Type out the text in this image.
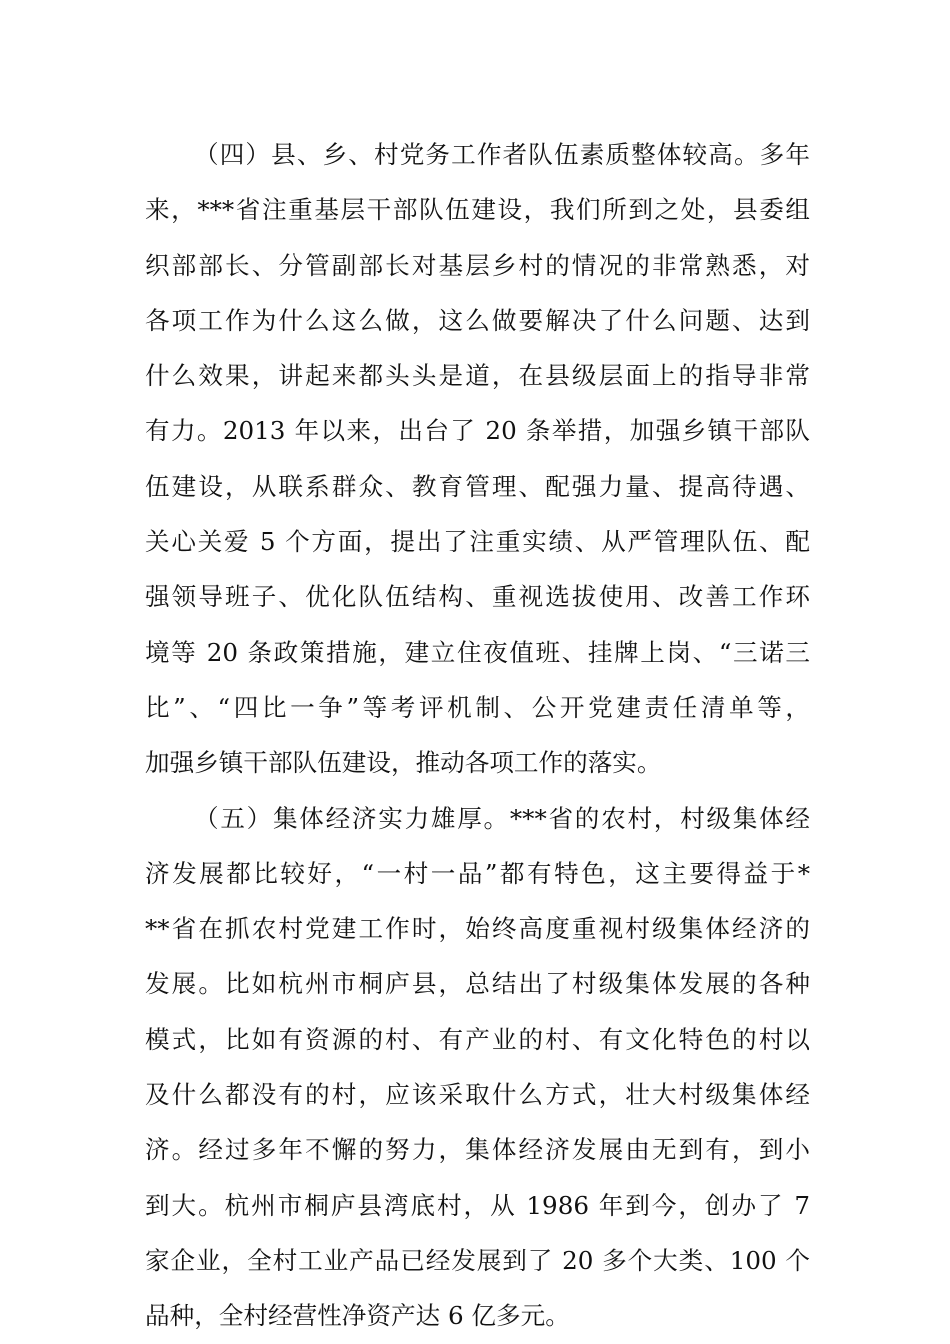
（四）县、乡、村党务工作者队伍素质整体较高。多年
来，***省注重基层干部队伍建设，我们所到之处，县委组
织部部长、分管副部长对基层乡村的情况的非常熟悉，对
各项工作为什么这么做，这么做要解决了什么问题、达到
什么效果，讲起来都头头是道，在县级层面上的指导非常
有力。2013 年以来，出台了 20 条举措，加强乡镇干部队
伍建设，从联系群众、教育管理、配强力量、提高待遇、
关心关爱 5 个方面，提出了注重实绩、从严管理队伍、配
强领导班子、优化队伍结构、重视选拔使用、改善工作环
境等 20 条政策措施，建立住夜值班、挂牌上岗、“三诺三
比”、“四比一争”等考评机制、公开党建责任清单等，
加强乡镇干部队伍建设，推动各项工作的落实。
（五）集体经济实力雄厚。***省的农村，村级集体经
济发展都比较好，“一村一品”都有特色，这主要得益于*
**省在抓农村党建工作时，始终高度重视村级集体经济的
发展。比如杭州市桐庐县，总结出了村级集体发展的各种
模式，比如有资源的村、有产业的村、有文化特色的村以
及什么都没有的村，应该采取什么方式，壮大村级集体经
济。经过多年不懈的努力，集体经济发展由无到有，到小
到大。杭州市桐庐县湾底村，从 1986 年到今，创办了 7
家企业，全村工业产品已经发展到了 20 多个大类、100 个
品种，全村经营性净资产达 6 亿多元。
